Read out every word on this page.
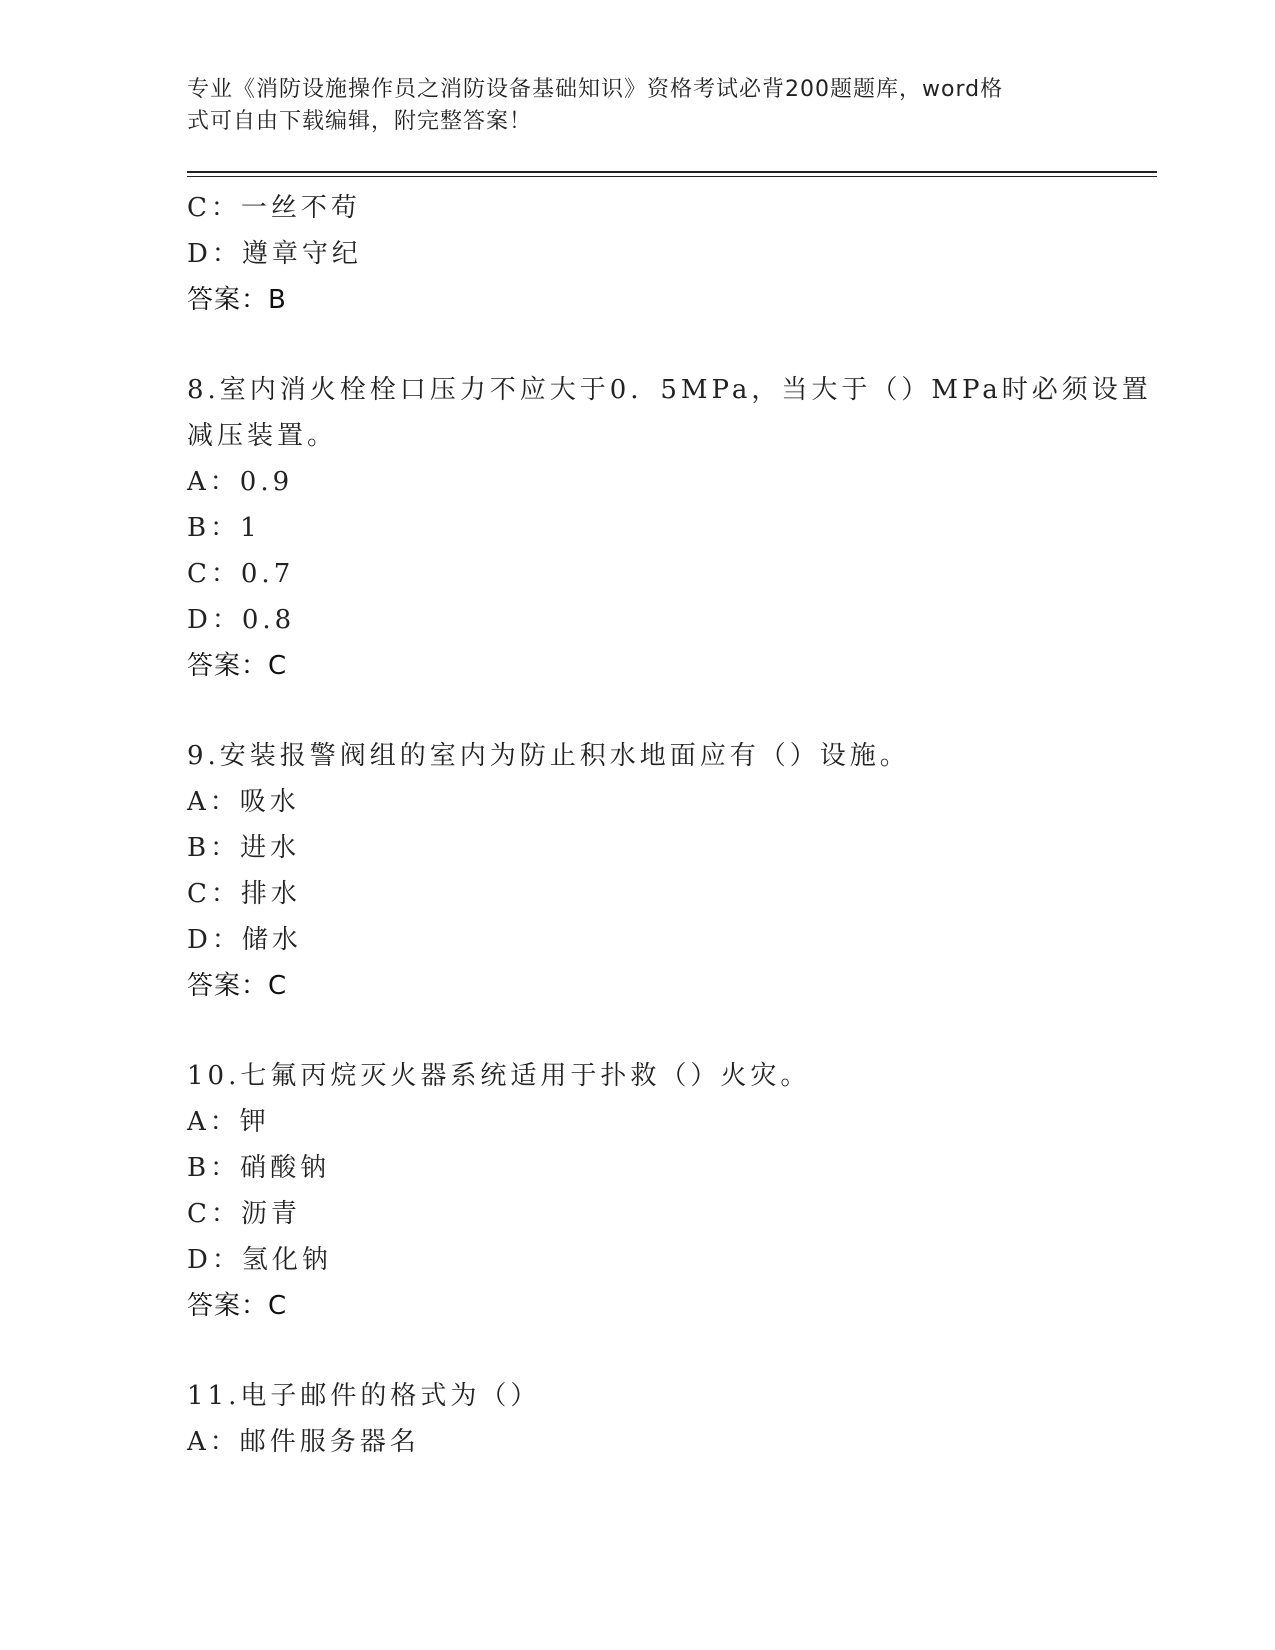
专业《消防设施操作员之消防设备基础知识》资格考试必背200题题库，word格
式可自由下载编辑，附完整答案！
C：一丝不苟
D：遵章守纪
答案：B
8.室内消火栓栓口压力不应大于0．5MPa，当大于（）MPa时必须设置
减压装置。
A：0.9
B：1
C：0.7
D：0.8
答案：C
9.安装报警阀组的室内为防止积水地面应有（）设施。
A：吸水
B：进水
C：排水
D：储水
答案：C
10.七氟丙烷灭火器系统适用于扑救（）火灾。
A：钾
B：硝酸钠
C：沥青
D：氢化钠
答案：C
11.电子邮件的格式为（）
A：邮件服务器名
